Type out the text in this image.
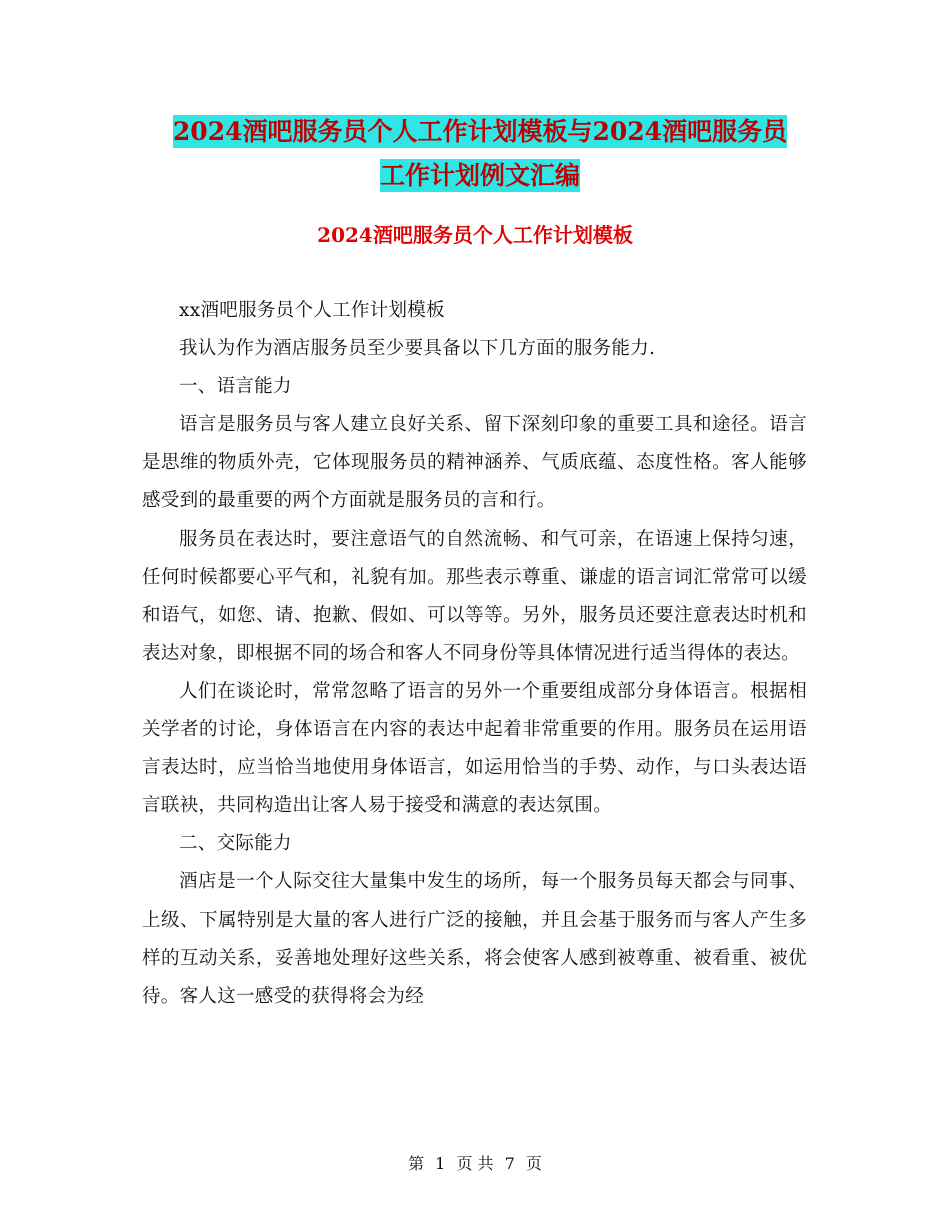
2024酒吧服务员个人工作计划模板与2024酒吧服务员
工作计划例文汇编
2024酒吧服务员个人工作计划模板

xx酒吧服务员个人工作计划模板

我认为作为酒店服务员至少要具备以下几方面的服务能力.

一、语言能力

语言是服务员与客人建立良好关系、留下深刻印象的重要工具和途径。语言是思维的物质外壳，它体现服务员的精神涵养、气质底蕴、态度性格。客人能够感受到的最重要的两个方面就是服务员的言和行。

服务员在表达时，要注意语气的自然流畅、和气可亲，在语速上保持匀速，任何时候都要心平气和，礼貌有加。那些表示尊重、谦虚的语言词汇常常可以缓和语气，如您、请、抱歉、假如、可以等等。另外，服务员还要注意表达时机和表达对象，即根据不同的场合和客人不同身份等具体情况进行适当得体的表达。

人们在谈论时，常常忽略了语言的另外一个重要组成部分身体语言。根据相关学者的讨论，身体语言在内容的表达中起着非常重要的作用。服务员在运用语言表达时，应当恰当地使用身体语言，如运用恰当的手势、动作，与口头表达语言联袂，共同构造出让客人易于接受和满意的表达氛围。

二、交际能力

酒店是一个人际交往大量集中发生的场所，每一个服务员每天都会与同事、上级、下属特别是大量的客人进行广泛的接触，并且会基于服务而与客人产生多样的互动关系，妥善地处理好这些关系，将会使客人感到被尊重、被看重、被优待。客人这一感受的获得将会为经

第 1 页 共 7 页
